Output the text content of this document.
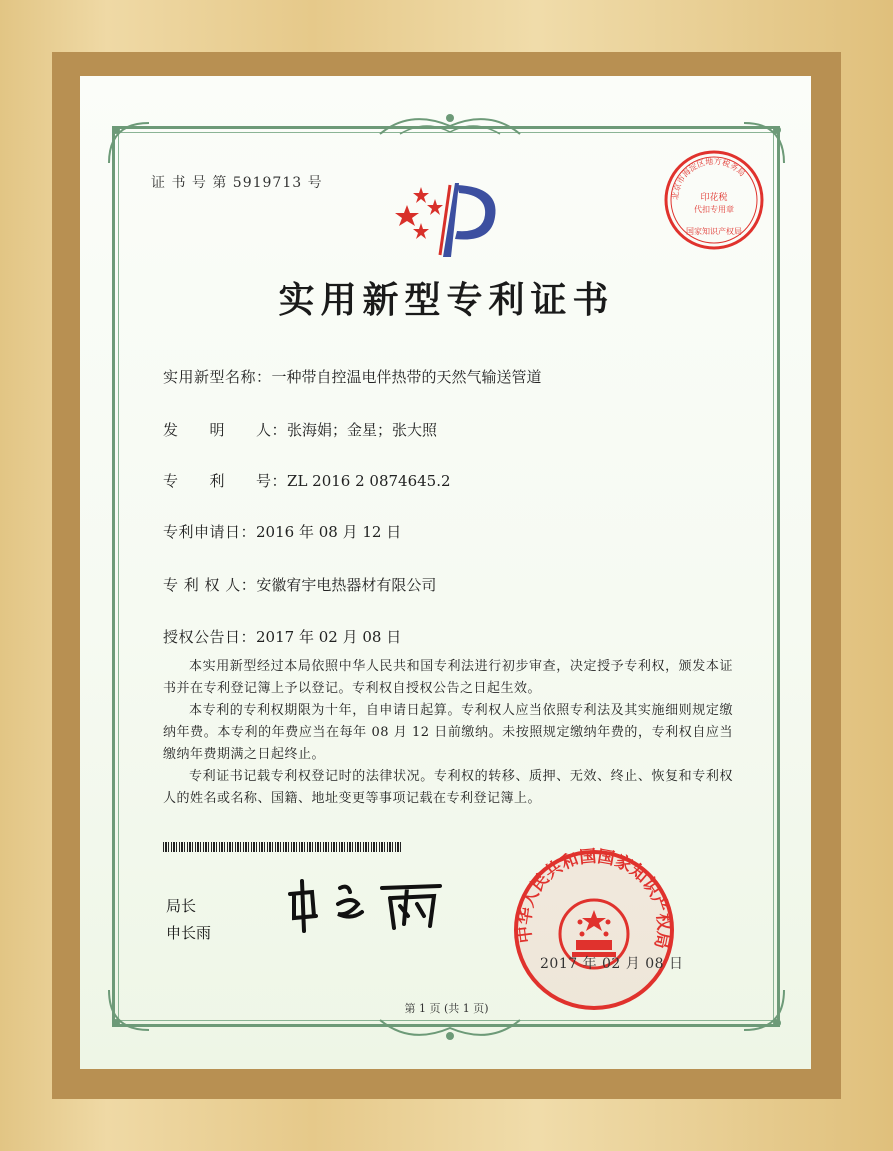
证 书 号 第 5919713 号
实用新型专利证书
实用新型名称：一种带自控温电伴热带的天然气输送管道
发　　明　　人：张海娟；金星；张大照
专　　利　　号：ZL 2016 2 0874645.2
专利申请日：2016 年 08 月 12 日
专 利 权 人：安徽宥宇电热器材有限公司
授权公告日：2017 年 02 月 08 日
本实用新型经过本局依照中华人民共和国专利法进行初步审查，决定授予专利权，颁发本证书并在专利登记簿上予以登记。专利权自授权公告之日起生效。
本专利的专利权期限为十年，自申请日起算。专利权人应当依照专利法及其实施细则规定缴纳年费。本专利的年费应当在每年 08 月 12 日前缴纳。未按照规定缴纳年费的，专利权自应当缴纳年费期满之日起终止。
专利证书记载专利权登记时的法律状况。专利权的转移、质押、无效、终止、恢复和专利权人的姓名或名称、国籍、地址变更等事项记载在专利登记簿上。
局长
申长雨
北京市海淀区地方税务局
印花税
代扣专用章
国家知识产权局
中华人民共和国国家知识产权局
2017 年 02 月 08 日
第 1 页 (共 1 页)
